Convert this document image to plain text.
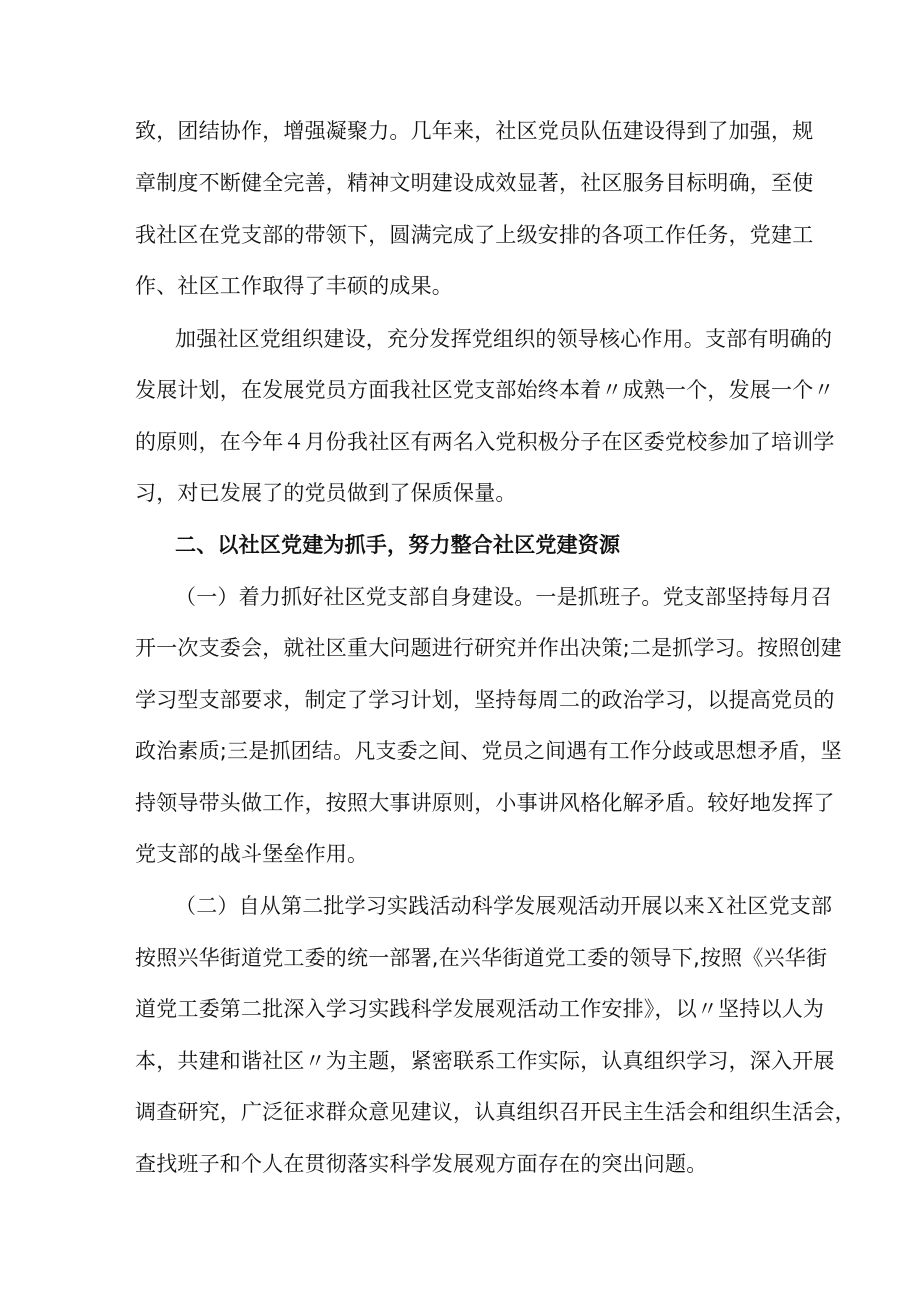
致，团结协作，增强凝聚力。几年来，社区党员队伍建设得到了加强，规
章制度不断健全完善，精神文明建设成效显著，社区服务目标明确，至使
我社区在党支部的带领下，圆满完成了上级安排的各项工作任务，党建工
作、社区工作取得了丰硕的成果。
加强社区党组织建设，充分发挥党组织的领导核心作用。支部有明确的
发展计划，在发展党员方面我社区党支部始终本着〃成熟一个，发展一个〃
的原则，在今年４月份我社区有两名入党积极分子在区委党校参加了培训学
习，对已发展了的党员做到了保质保量。
二、以社区党建为抓手，努力整合社区党建资源
（一）着力抓好社区党支部自身建设。一是抓班子。党支部坚持每月召
开一次支委会，就社区重大问题进行研究并作出决策;二是抓学习。按照创建
学习型支部要求，制定了学习计划，坚持每周二的政治学习，以提高党员的
政治素质;三是抓团结。凡支委之间、党员之间遇有工作分歧或思想矛盾，坚
持领导带头做工作，按照大事讲原则，小事讲风格化解矛盾。较好地发挥了
党支部的战斗堡垒作用。
（二）自从第二批学习实践活动科学发展观活动开展以来Ｘ社区党支部
按照兴华街道党工委的统一部署,在兴华街道党工委的领导下,按照《兴华街
道党工委第二批深入学习实践科学发展观活动工作安排》，以〃坚持以人为
本，共建和谐社区〃为主题，紧密联系工作实际，认真组织学习，深入开展
调查研究，广泛征求群众意见建议，认真组织召开民主生活会和组织生活会，
查找班子和个人在贯彻落实科学发展观方面存在的突出问题。
